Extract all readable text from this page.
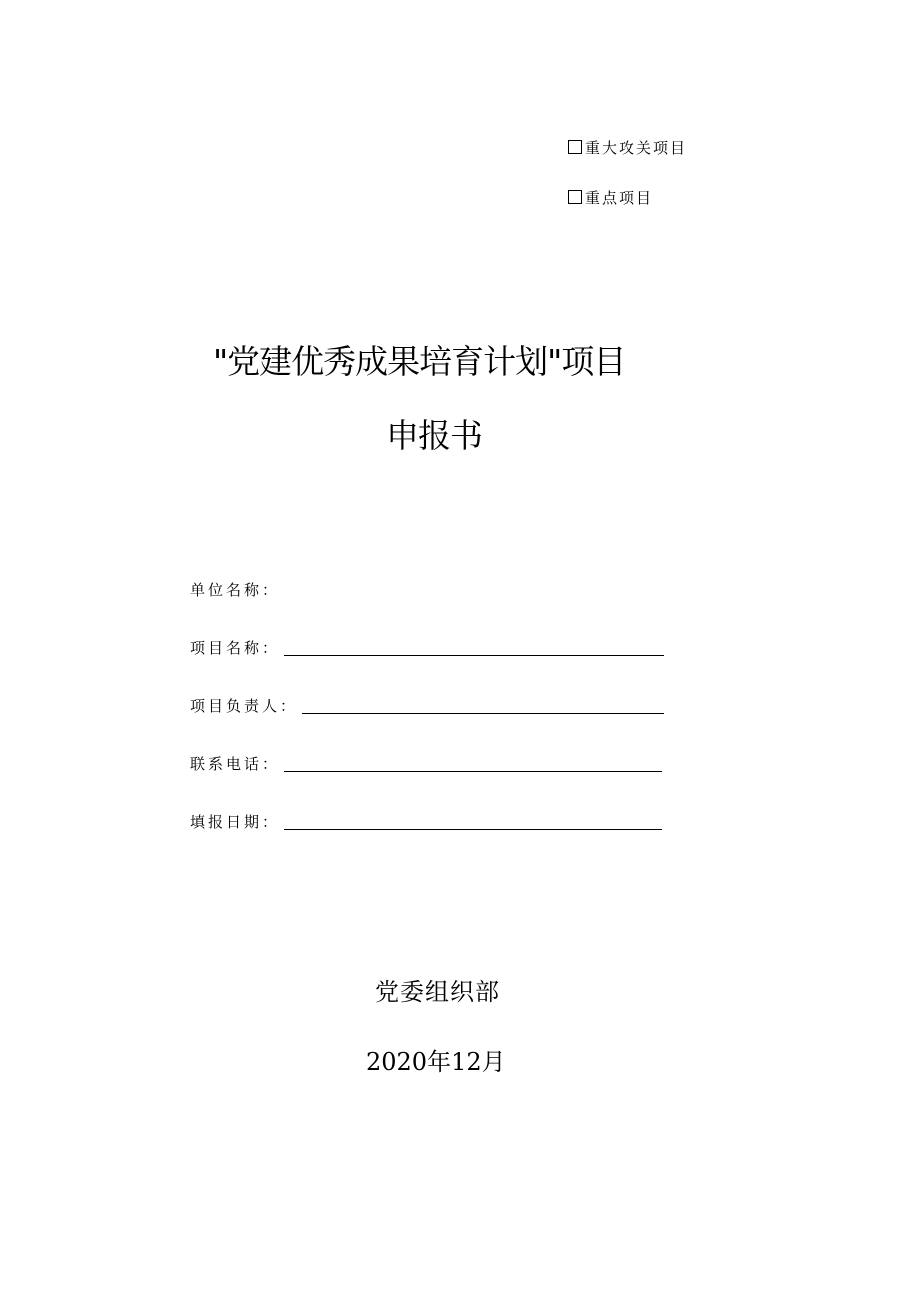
重大攻关项目
重点项目
"党建优秀成果培育计划"项目
申报书
单位名称：
项目名称：
项目负责人：
联系电话：
填报日期：
党委组织部
2020年12月
